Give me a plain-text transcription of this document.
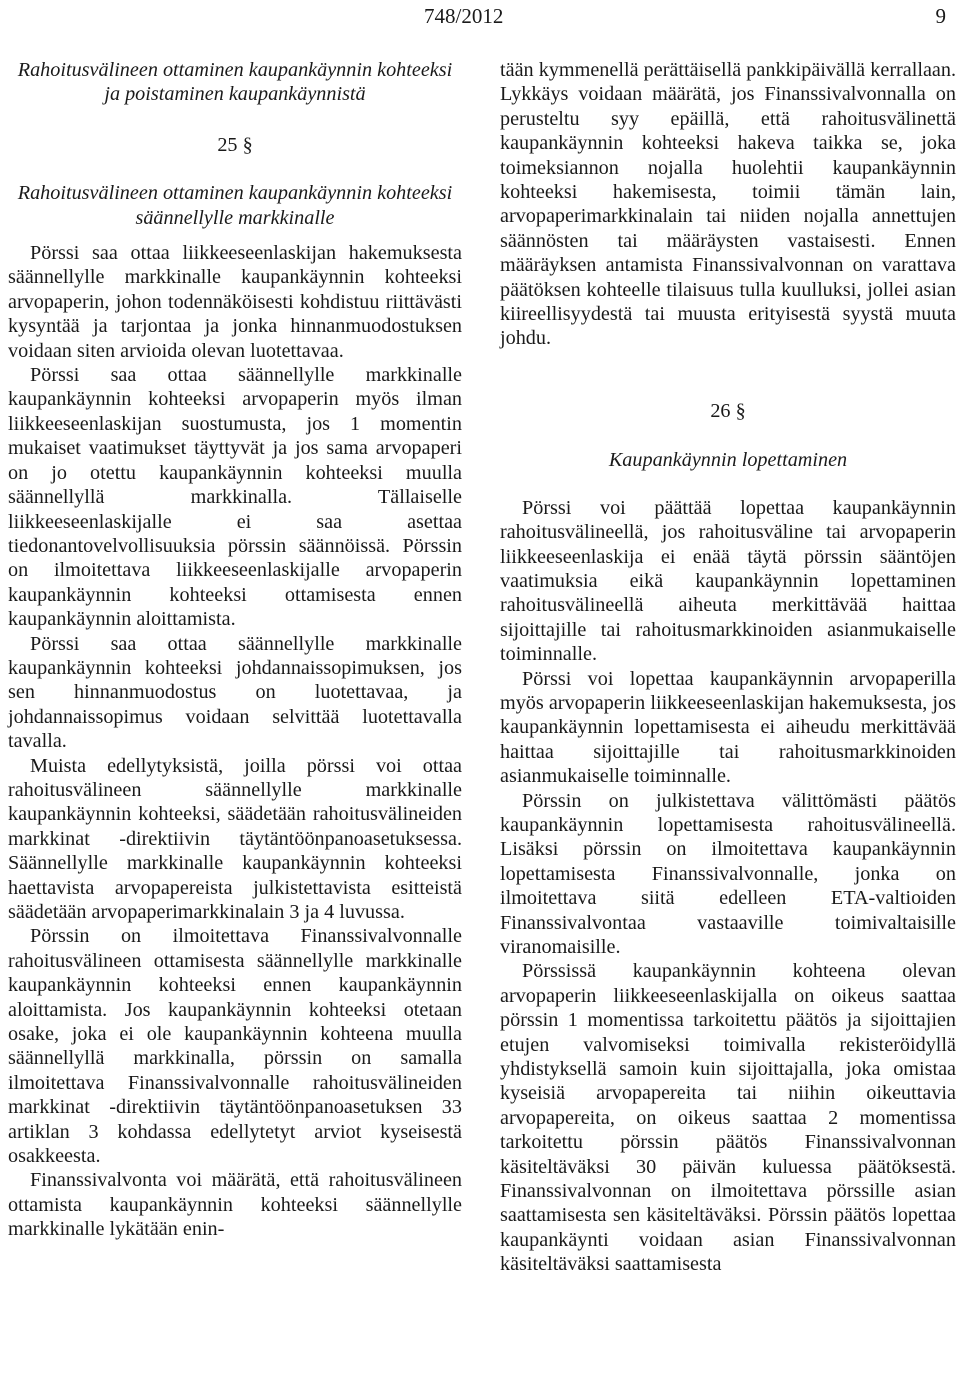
748/2012	9

Rahoitusvälineen ottaminen kaupankäynnin kohteeksi ja poistaminen kaupankäynnistä

25 §

Rahoitusvälineen ottaminen kaupankäynnin kohteeksi säännellylle markkinalle

Pörssi saa ottaa liikkeeseenlaskijan hakemuksesta säännellylle markkinalle kaupankäynnin kohteeksi arvopaperin, johon todennäköisesti kohdistuu riittävästi kysyntää ja tarjontaa ja jonka hinnanmuodostuksen voidaan siten arvioida olevan luotettavaa.

Pörssi saa ottaa säännellylle markkinalle kaupankäynnin kohteeksi arvopaperin myös ilman liikkeeseenlaskijan suostumusta, jos 1 momentin mukaiset vaatimukset täyttyvät ja jos sama arvopaperi on jo otettu kaupankäynnin kohteeksi muulla säännellyllä markkinalla. Tällaiselle liikkeeseenlaskijalle ei saa asettaa tiedonantovelvollisuuksia pörssin säännöissä. Pörssin on ilmoitettava liikkeeseenlaskijalle arvopaperin kaupankäynnin kohteeksi ottamisesta ennen kaupankäynnin aloittamista.

Pörssi saa ottaa säännellylle markkinalle kaupankäynnin kohteeksi johdannaissopimuksen, jos sen hinnanmuodostus on luotettavaa, ja johdannaissopimus voidaan selvittää luotettavalla tavalla.

Muista edellytyksistä, joilla pörssi voi ottaa rahoitusvälineen säännellylle markkinalle kaupankäynnin kohteeksi, säädetään rahoitusvälineiden markkinat -direktiivin täytäntöönpanoasetuksessa. Säännellylle markkinalle kaupankäynnin kohteeksi haettavista arvopapereista julkistettavista esitteistä säädetään arvopaperimarkkinalain 3 ja 4 luvussa.

Pörssin on ilmoitettava Finanssivalvonnalle rahoitusvälineen ottamisesta säännellylle markkinalle kaupankäynnin kohteeksi ennen kaupankäynnin aloittamista. Jos kaupankäynnin kohteeksi otetaan osake, joka ei ole kaupankäynnin kohteena muulla säännellyllä markkinalla, pörssin on samalla ilmoitettava Finanssivalvonnalle rahoitusvälineiden markkinat -direktiivin täytäntöönpanoasetuksen 33 artiklan 3 kohdassa edellytetyt arviot kyseisestä osakkeesta.

Finanssivalvonta voi määrätä, että rahoitusvälineen ottamista kaupankäynnin kohteeksi säännellylle markkinalle lykätään enin-

tään kymmenellä perättäisellä pankkipäivällä kerrallaan. Lykkäys voidaan määrätä, jos Finanssivalvonnalla on perusteltu syy epäillä, että rahoitusvälinettä kaupankäynnin kohteeksi hakeva taikka se, joka toimeksiannon nojalla huolehtii kaupankäynnin kohteeksi hakemisesta, toimii tämän lain, arvopaperimarkkinalain tai niiden nojalla annettujen säännösten tai määräysten vastaisesti. Ennen määräyksen antamista Finanssivalvonnan on varattava päätöksen kohteelle tilaisuus tulla kuulluksi, jollei asian kiireellisyydestä tai muusta erityisestä syystä muuta johdu.

26 §

Kaupankäynnin lopettaminen

Pörssi voi päättää lopettaa kaupankäynnin rahoitusvälineellä, jos rahoitusväline tai arvopaperin liikkeeseenlaskija ei enää täytä pörssin sääntöjen vaatimuksia eikä kaupankäynnin lopettaminen rahoitusvälineellä aiheuta merkittävää haittaa sijoittajille tai rahoitusmarkkinoiden asianmukaiselle toiminnalle.

Pörssi voi lopettaa kaupankäynnin arvopaperilla myös arvopaperin liikkeeseenlaskijan hakemuksesta, jos kaupankäynnin lopettamisesta ei aiheudu merkittävää haittaa sijoittajille tai rahoitusmarkkinoiden asianmukaiselle toiminnalle.

Pörssin on julkistettava välittömästi päätös kaupankäynnin lopettamisesta rahoitusvälineellä. Lisäksi pörssin on ilmoitettava kaupankäynnin lopettamisesta Finanssivalvonnalle, jonka on ilmoitettava siitä edelleen ETA-valtioiden Finanssivalvontaa vastaaville toimivaltaisille viranomaisille.

Pörssissä kaupankäynnin kohteena olevan arvopaperin liikkeeseenlaskijalla on oikeus saattaa pörssin 1 momentissa tarkoitettu päätös ja sijoittajien etujen valvomiseksi toimivalla rekisteröidyllä yhdistyksellä samoin kuin sijoittajalla, joka omistaa kyseisiä arvopapereita tai niihin oikeuttavia arvopapereita, on oikeus saattaa 2 momentissa tarkoitettu pörssin päätös Finanssivalvonnan käsiteltäväksi 30 päivän kuluessa päätöksestä. Finanssivalvonnan on ilmoitettava pörssille asian saattamisesta sen käsiteltäväksi. Pörssin päätös lopettaa kaupankäynti voidaan asian Finanssivalvonnan käsiteltäväksi saattamisesta
